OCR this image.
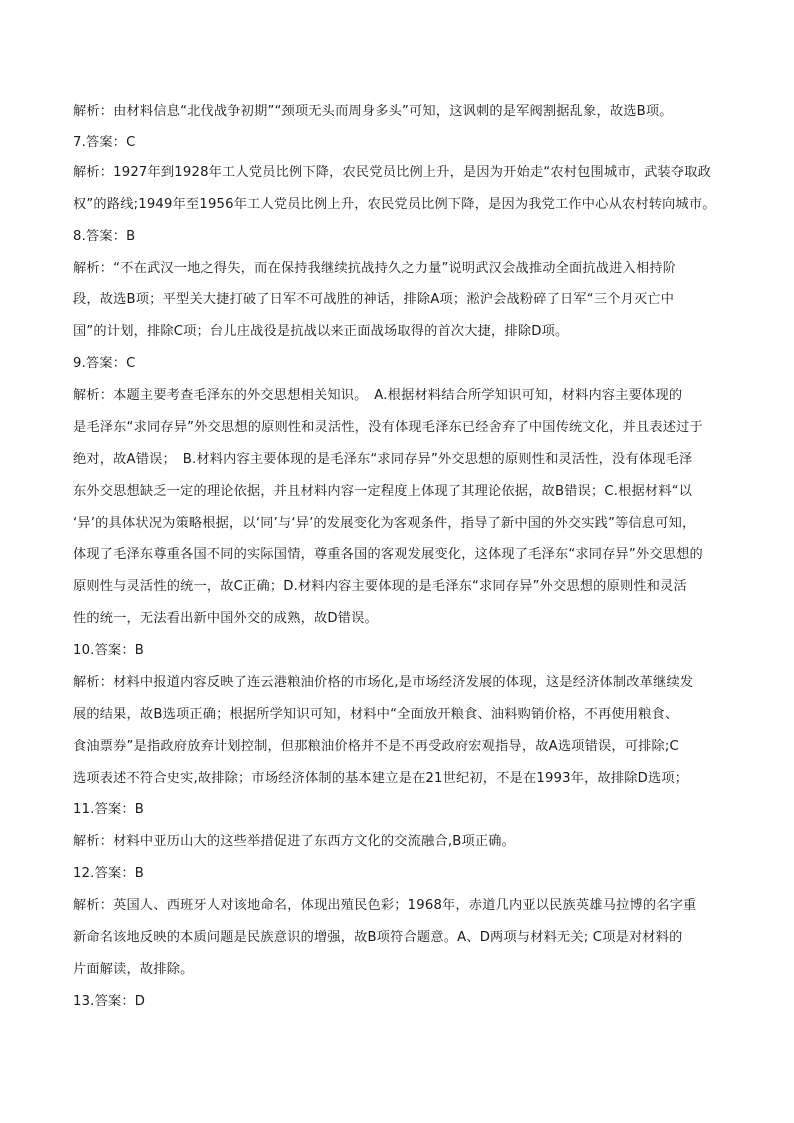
解析：由材料信息“北伐战争初期”“颈项无头而周身多头”可知，这讽刺的是军阀割据乱象，故选B项。
7.答案：C
解析：1927年到1928年工人党员比例下降，农民党员比例上升，是因为开始走“农村包围城市，武装夺取政
权”的路线;1949年至1956年工人党员比例上升，农民党员比例下降，是因为我党工作中心从农村转向城市。
8.答案：B
解析：“不在武汉一地之得失，而在保持我继续抗战持久之力量”说明武汉会战推动全面抗战进入相持阶
段，故选B项；平型关大捷打破了日军不可战胜的神话，排除A项；淞沪会战粉碎了日军“三个月灭亡中
国”的计划，排除C项；台儿庄战役是抗战以来正面战场取得的首次大捷，排除D项。
9.答案：C
解析：本题主要考查毛泽东的外交思想相关知识。　A.根据材料结合所学知识可知，材料内容主要体现的
是毛泽东“求同存异”外交思想的原则性和灵活性，没有体现毛泽东已经舍弃了中国传统文化，并且表述过于
绝对，故A错误；　B.材料内容主要体现的是毛泽东“求同存异”外交思想的原则性和灵活性，没有体现毛泽
东外交思想缺乏一定的理论依据，并且材料内容一定程度上体现了其理论依据，故B错误；C.根据材料“以
‘异’的具体状况为策略根据，以‘同’与‘异’的发展变化为客观条件，指导了新中国的外交实践”等信息可知，
体现了毛泽东尊重各国不同的实际国情，尊重各国的客观发展变化，这体现了毛泽东“求同存异”外交思想的
原则性与灵活性的统一，故C正确；D.材料内容主要体现的是毛泽东“求同存异”外交思想的原则性和灵活
性的统一，无法看出新中国外交的成熟，故D错误。
10.答案：B
解析：材料中报道内容反映了连云港粮油价格的市场化,是市场经济发展的体现，这是经济体制改革继续发
展的结果，故B选项正确；根据所学知识可知，材料中“全面放开粮食、油料购销价格，不再使用粮食、
食油票券”是指政府放弃计划控制，但那粮油价格并不是不再受政府宏观指导，故A选项错误，可排除;C
选项表述不符合史实,故排除；市场经济体制的基本建立是在21世纪初，不是在1993年，故排除D选项；
11.答案：B
解析：材料中亚历山大的这些举措促进了东西方文化的交流融合,B项正确。
12.答案：B
解析：英国人、西班牙人对该地命名，体现出殖民色彩；1968年，赤道几内亚以民族英雄马拉博的名字重
新命名该地反映的本质问题是民族意识的增强，故B项符合题意。A、D两项与材料无关; C项是对材料的
片面解读，故排除。
13.答案：D
